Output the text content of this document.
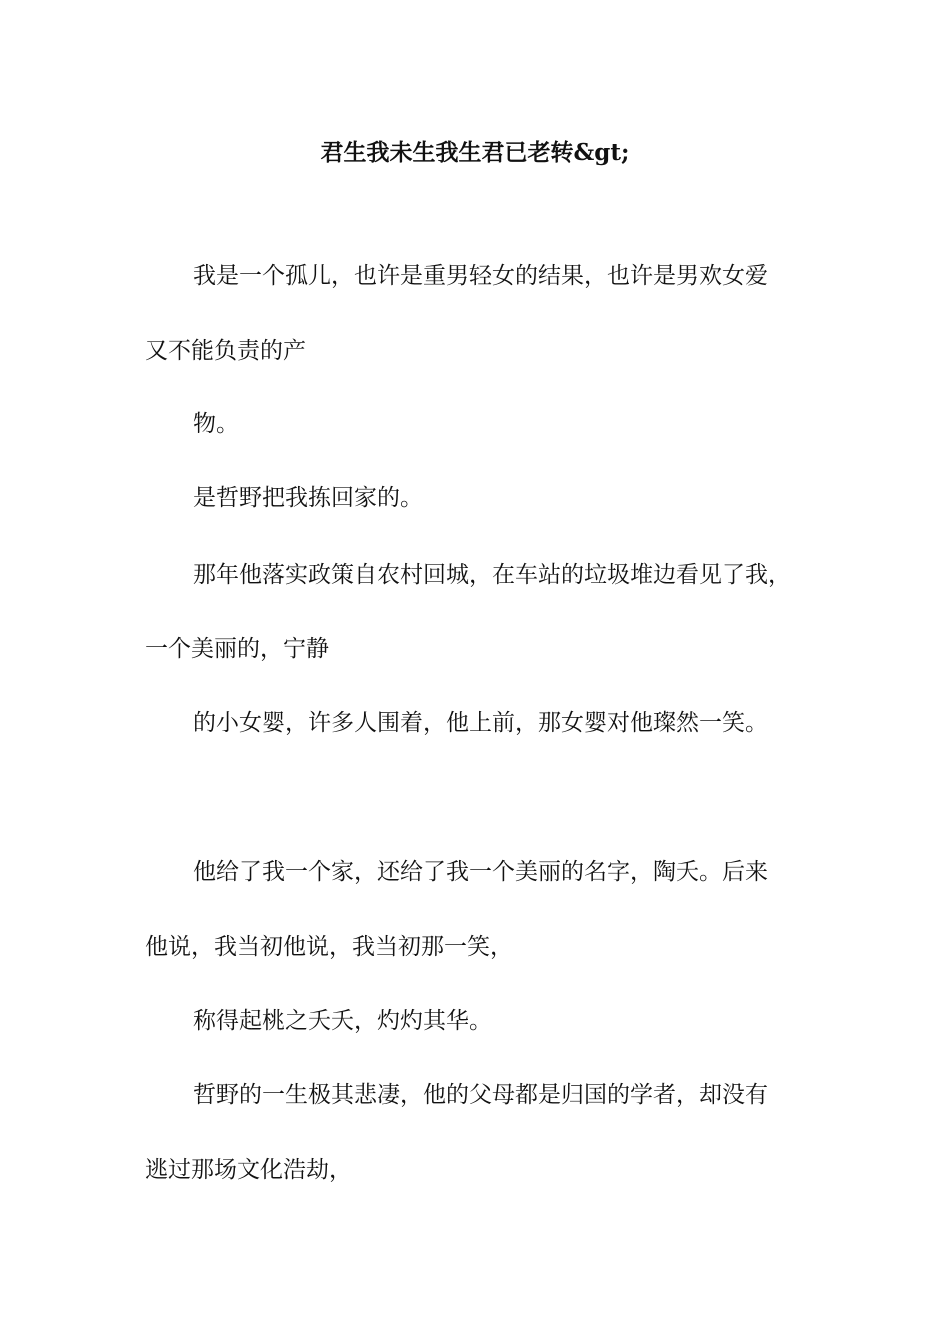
君生我未生我生君已老转&gt;
我是一个孤儿，也许是重男轻女的结果，也许是男欢女爱
又不能负责的产
物。
是哲野把我拣回家的。
那年他落实政策自农村回城，在车站的垃圾堆边看见了我，
一个美丽的，宁静
的小女婴，许多人围着，他上前，那女婴对他璨然一笑。
他给了我一个家，还给了我一个美丽的名字，陶夭。后来
他说，我当初他说，我当初那一笑，
称得起桃之夭夭，灼灼其华。
哲野的一生极其悲凄，他的父母都是归国的学者，却没有
逃过那场文化浩劫，
